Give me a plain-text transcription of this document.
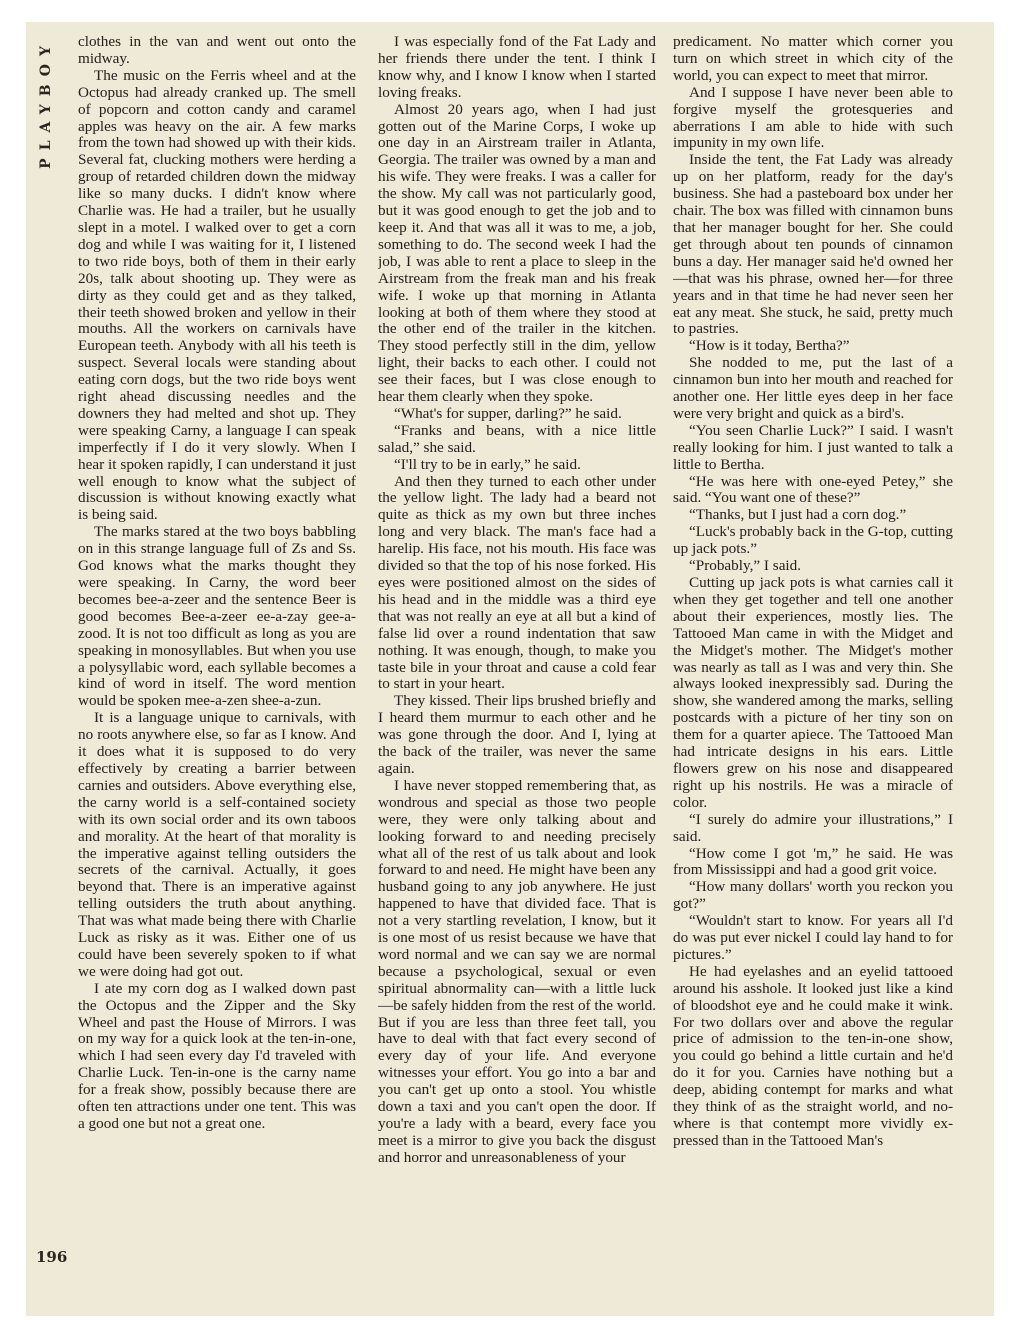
PLAYBOY
196

clothes in the van and went out onto the midway.

The music on the Ferris wheel and at the Octopus had already cranked up. The smell of popcorn and cotton candy and caramel apples was heavy on the air. A few marks from the town had showed up with their kids. Several fat, clucking mothers were herding a group of retarded children down the midway like so many ducks. I didn't know where Charlie was. He had a trailer, but he usually slept in a motel. I walked over to get a corn dog and while I was waiting for it, I listened to two ride boys, both of them in their early 20s, talk about shooting up. They were as dirty as they could get and as they talked, their teeth showed broken and yellow in their mouths. All the workers on carnivals have European teeth. Anybody with all his teeth is suspect. Several locals were standing about eating corn dogs, but the two ride boys went right ahead discussing needles and the downers they had melted and shot up. They were speaking Carny, a language I can speak imperfectly if I do it very slowly. When I hear it spoken rapidly, I can understand it just well enough to know what the subject of discussion is without knowing exactly what is being said.

The marks stared at the two boys babbling on in this strange language full of Zs and Ss. God knows what the marks thought they were speaking. In Carny, the word beer becomes bee-a-zeer and the sentence Beer is good becomes Bee-a-zeer ee-a-zay gee-a-zood. It is not too difficult as long as you are speaking in monosyllables. But when you use a polysyllabic word, each syllable becomes a kind of word in itself. The word mention would be spoken mee-a-zen shee-a-zun.

It is a language unique to carnivals, with no roots anywhere else, so far as I know. And it does what it is supposed to do very effectively by creating a barrier between carnies and outsiders. Above everything else, the carny world is a self-contained society with its own social order and its own taboos and morality. At the heart of that morality is the imperative against telling outsiders the secrets of the carnival. Actually, it goes beyond that. There is an imperative against telling outsiders the truth about anything. That was what made being there with Charlie Luck as risky as it was. Either one of us could have been severely spoken to if what we were doing had got out.

I ate my corn dog as I walked down past the Octopus and the Zipper and the Sky Wheel and past the House of Mirrors. I was on my way for a quick look at the ten-in-one, which I had seen every day I'd traveled with Charlie Luck. Ten-in-one is the carny name for a freak show, possibly because there are often ten attractions under one tent. This was a good one but not a great one.

I was especially fond of the Fat Lady and her friends there under the tent. I think I know why, and I know I know when I started loving freaks.

Almost 20 years ago, when I had just gotten out of the Marine Corps, I woke up one day in an Airstream trailer in Atlanta, Georgia. The trailer was owned by a man and his wife. They were freaks. I was a caller for the show. My call was not particularly good, but it was good enough to get the job and to keep it. And that was all it was to me, a job, something to do. The second week I had the job, I was able to rent a place to sleep in the Airstream from the freak man and his freak wife. I woke up that morning in Atlanta looking at both of them where they stood at the other end of the trailer in the kitchen. They stood perfectly still in the dim, yellow light, their backs to each other. I could not see their faces, but I was close enough to hear them clearly when they spoke.

“What's for supper, darling?” he said.

“Franks and beans, with a nice little salad,” she said.

“I'll try to be in early,” he said.

And then they turned to each other under the yellow light. The lady had a beard not quite as thick as my own but three inches long and very black. The man's face had a harelip. His face, not his mouth. His face was divided so that the top of his nose forked. His eyes were positioned almost on the sides of his head and in the middle was a third eye that was not really an eye at all but a kind of false lid over a round indentation that saw nothing. It was enough, though, to make you taste bile in your throat and cause a cold fear to start in your heart.

They kissed. Their lips brushed briefly and I heard them murmur to each other and he was gone through the door. And I, lying at the back of the trailer, was never the same again.

I have never stopped remembering that, as wondrous and special as those two people were, they were only talking about and looking forward to and needing precisely what all of the rest of us talk about and look forward to and need. He might have been any husband going to any job anywhere. He just happened to have that divided face. That is not a very startling revelation, I know, but it is one most of us resist because we have that word normal and we can say we are normal because a psychological, sexual or even spiritual abnormality can—with a little luck—be safely hidden from the rest of the world. But if you are less than three feet tall, you have to deal with that fact every second of every day of your life. And everyone witnesses your effort. You go into a bar and you can't get up onto a stool. You whistle down a taxi and you can't open the door. If you're a lady with a beard, every face you meet is a mirror to give you back the disgust and horror and unreasonableness of your

predicament. No matter which corner you turn on which street in which city of the world, you can expect to meet that mirror.

And I suppose I have never been able to forgive myself the grotesqueries and aberrations I am able to hide with such impunity in my own life.

Inside the tent, the Fat Lady was already up on her platform, ready for the day's business. She had a pasteboard box under her chair. The box was filled with cinnamon buns that her manager bought for her. She could get through about ten pounds of cinnamon buns a day. Her manager said he'd owned her—that was his phrase, owned her—for three years and in that time he had never seen her eat any meat. She stuck, he said, pretty much to pastries.

“How is it today, Bertha?”

She nodded to me, put the last of a cinnamon bun into her mouth and reached for another one. Her little eyes deep in her face were very bright and quick as a bird's.

“You seen Charlie Luck?” I said. I wasn't really looking for him. I just wanted to talk a little to Bertha.

“He was here with one-eyed Petey,” she said. “You want one of these?”

“Thanks, but I just had a corn dog.”

“Luck's probably back in the G-top, cutting up jack pots.”

“Probably,” I said.

Cutting up jack pots is what carnies call it when they get together and tell one another about their experiences, mostly lies. The Tattooed Man came in with the Midget and the Midget's mother. The Midget's mother was nearly as tall as I was and very thin. She always looked inexpressibly sad. During the show, she wandered among the marks, selling postcards with a picture of her tiny son on them for a quarter apiece. The Tattooed Man had intricate designs in his ears. Little flowers grew on his nose and disappeared right up his nostrils. He was a miracle of color.

“I surely do admire your illustrations,” I said.

“How come I got 'm,” he said. He was from Mississippi and had a good grit voice.

“How many dollars' worth you reckon you got?”

“Wouldn't start to know. For years all I'd do was put ever nickel I could lay hand to for pictures.”

He had eyelashes and an eyelid tattooed around his asshole. It looked just like a kind of bloodshot eye and he could make it wink. For two dollars over and above the regular price of admission to the ten-in-one show, you could go behind a little curtain and he'd do it for you. Carnies have nothing but a deep, abiding contempt for marks and what they think of as the straight world, and nowhere is that contempt more vividly expressed than in the Tattooed Man's
